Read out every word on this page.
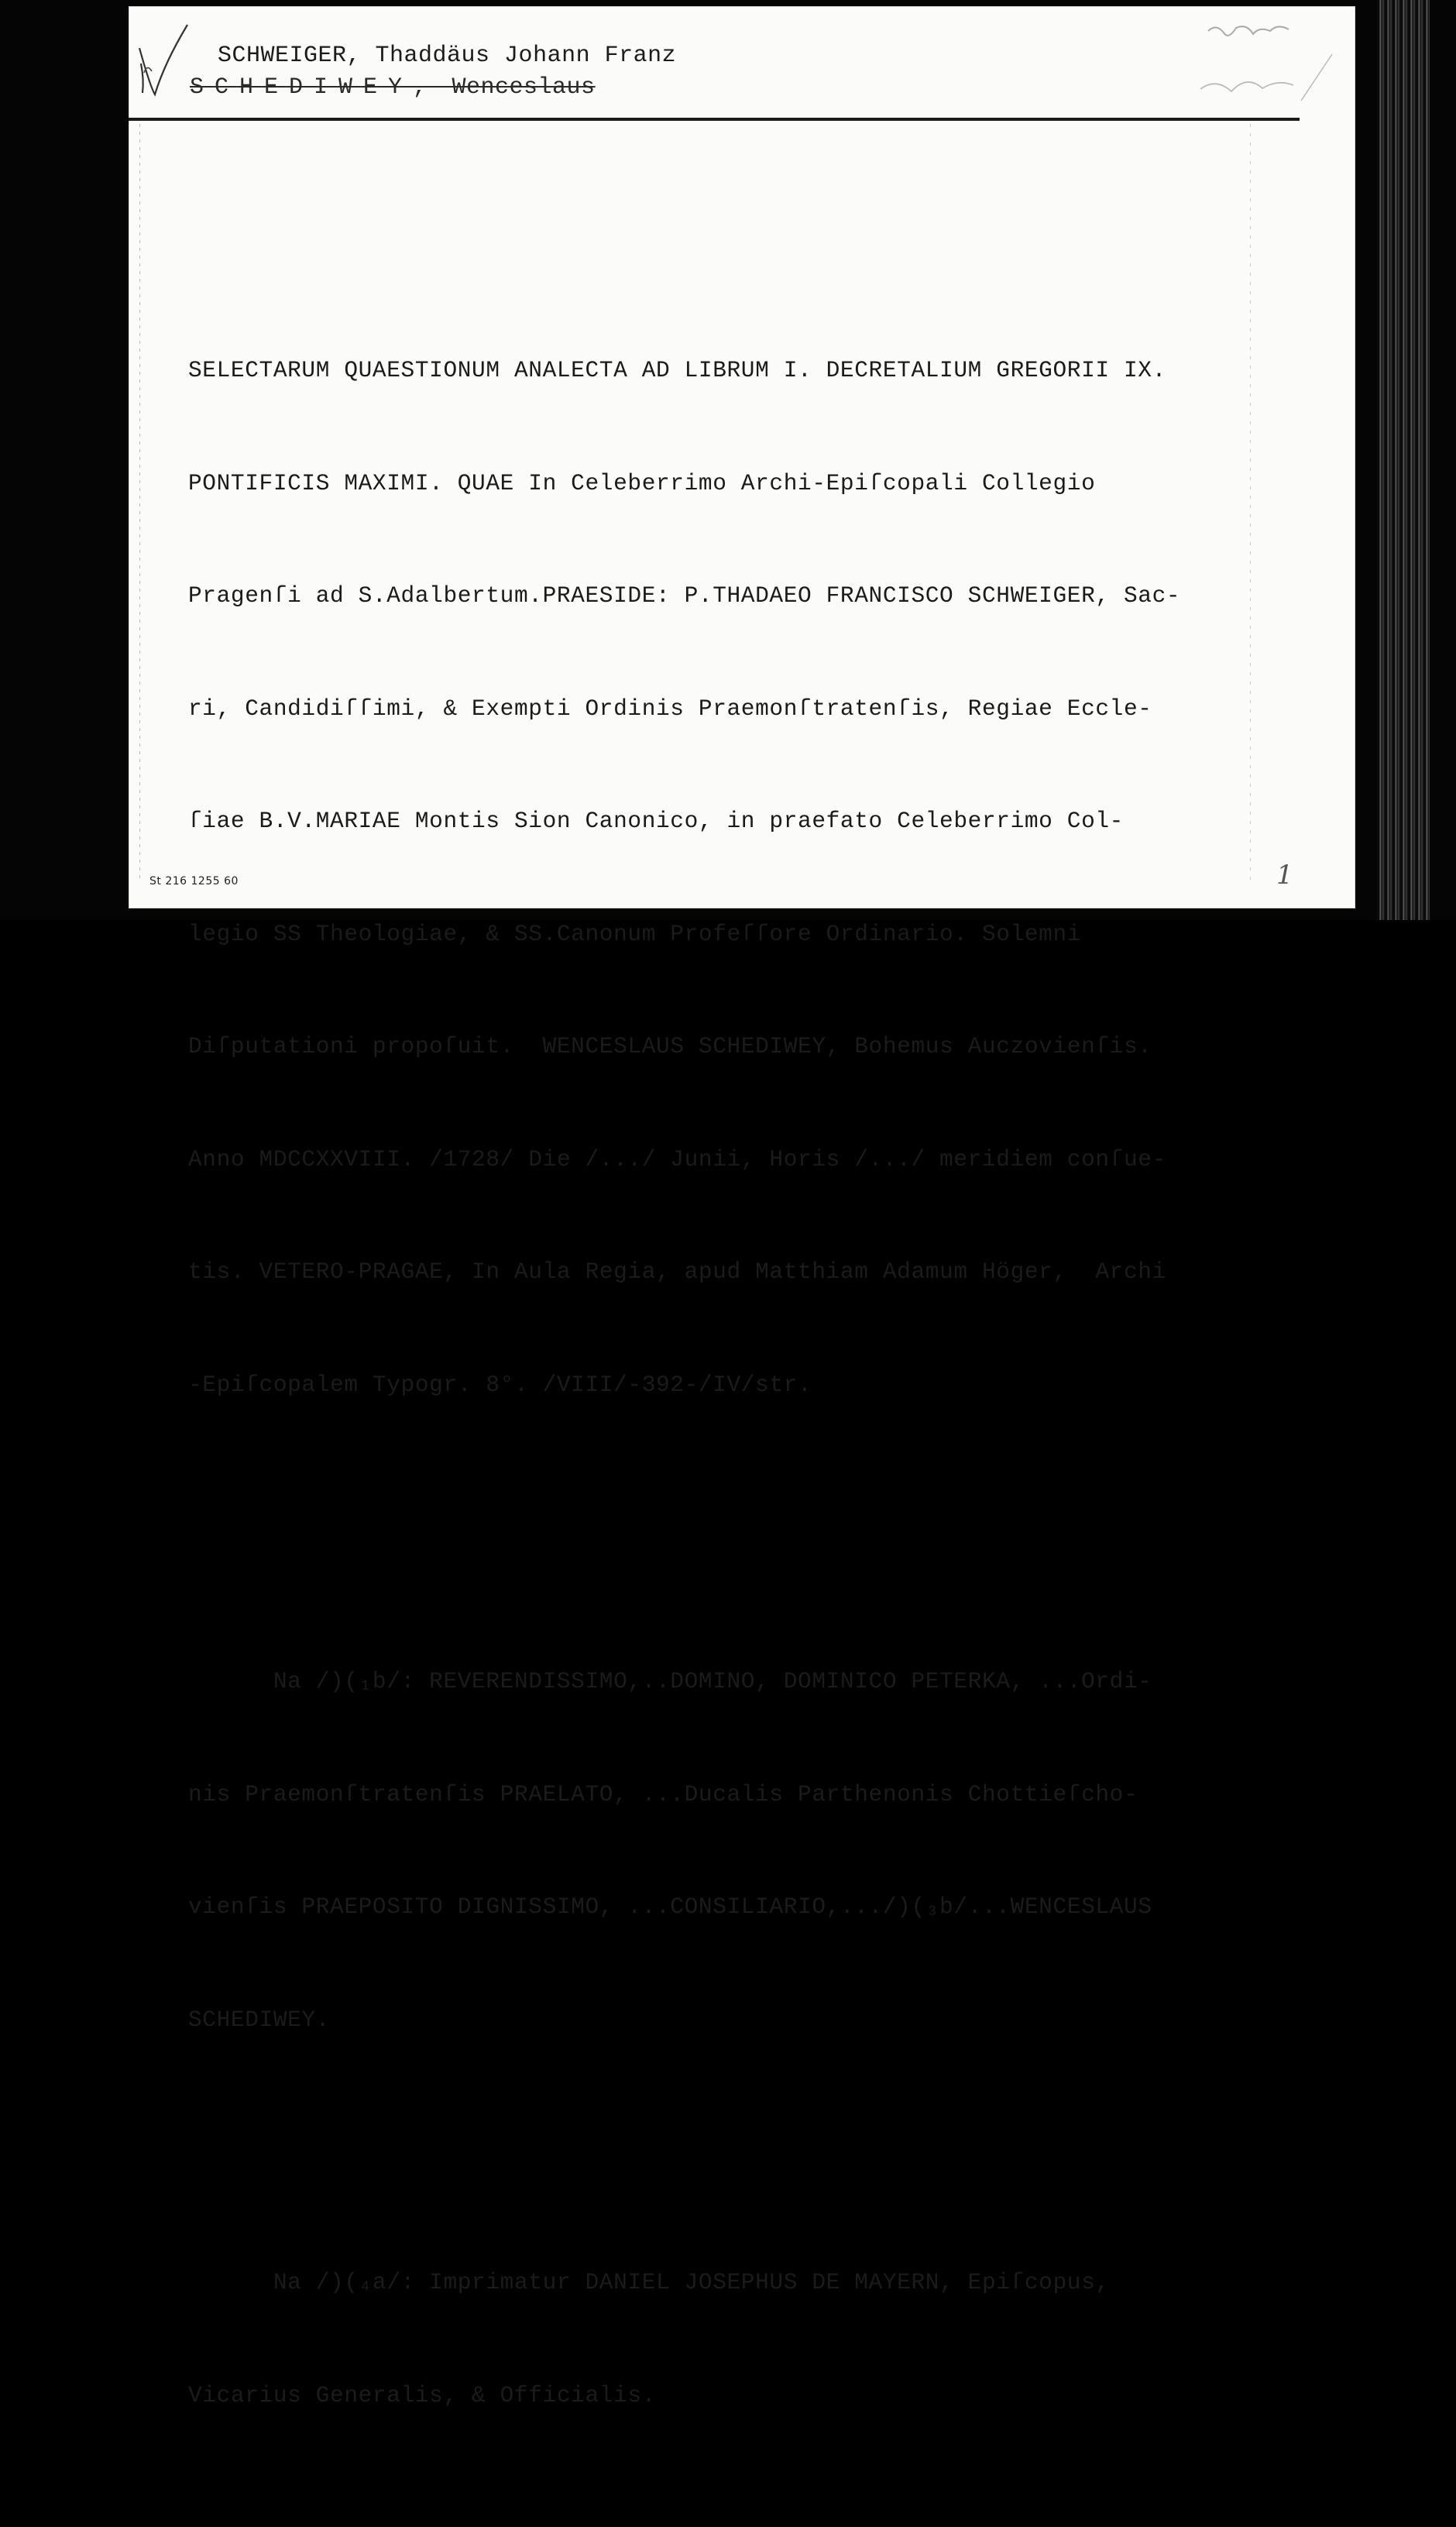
SCHWEIGER, Thaddäus Johann Franz
SCHEDIWEY, Wenceslaus

SELECTARUM QUAESTIONUM ANALECTA AD LIBRUM I. DECRETALIUM GREGORII IX.

PONTIFICIS MAXIMI. QUAE In Celeberrimo Archi-Epiſcopali Collegio

Pragenſi ad S.Adalbertum.PRAESIDE: P.THADAEO FRANCISCO SCHWEIGER, Sac-

ri, Candidiſſimi, & Exempti Ordinis Praemonſtratenſis, Regiae Eccle-

ſiae B.V.MARIAE Montis Sion Canonico, in praefato Celeberrimo Col-

legio SS Theologiae, & SS.Canonum Profeſſore Ordinario. Solemni

Diſputationi propoſuit.  WENCESLAUS SCHEDIWEY, Bohemus Auczovienſis.

Anno MDCCXXVIII. /1728/ Die /.../ Junii, Horis /.../ meridiem conſue-

tis. VETERO-PRAGAE, In Aula Regia, apud Matthiam Adamum Höger,  Archi

-Epiſcopalem Typogr. 8°. /VIII/-392-/IV/str.

Na /)(₁b/: REVERENDISSIMO,..DOMINO, DOMINICO PETERKA, ...Ordi-

nis Praemonſtratenſis PRAELATO, ...Ducalis Parthenonis Chottieſcho-

vienſis PRAEPOSITO DIGNISSIMO, ...CONSILIARIO,.../)(₃b/...WENCESLAUS

SCHEDIWEY.

Na /)(₄a/: Imprimatur DANIEL JOSEPHUS DE MAYERN, Epiſcopus,

Vicarius Generalis, & Officialis.

St 216 1255 60	1
